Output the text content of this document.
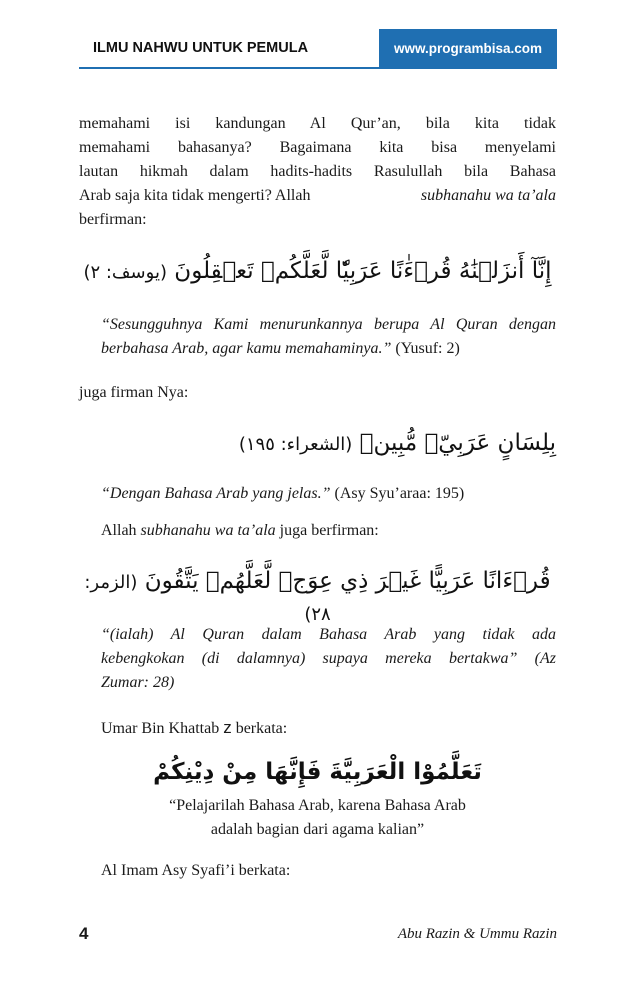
ILMU NAHWU UNTUK PEMULA	www.programbisa.com

memahami isi kandungan Al Qur’an, bila kita tidak

memahami bahasanya? Bagaimana kita bisa menyelami

lautan hikmah dalam hadits-hadits Rasulullah bila Bahasa

Arab saja kita tidak mengerti? Allah	subhanahu wa ta’ala

berfirman:

إِنَّآ أَنزَلۡنَٰهُ قُرۡءَٰنًا عَرَبِيّٗا لَّعَلَّكُمۡ تَعۡقِلُونَ (يوسف: ٢)

“Sesungguhnya Kami menurunkannya berupa Al Quran dengan

berbahasa Arab, agar kamu memahaminya.” (Yusuf: 2)

juga firman Nya:

بِلِسَانٍ عَرَبِيّٖ مُّبِينٖ (الشعراء: ١٩٥)

“Dengan Bahasa Arab yang jelas.” (Asy Syu’araa: 195)

Allah subhanahu wa ta’ala juga berfirman:

قُرۡءَانًا عَرَبِيًّا غَيۡرَ ذِي عِوَجٖ لَّعَلَّهُمۡ يَتَّقُونَ (الزمر: ٢٨)

“(ialah) Al Quran dalam Bahasa Arab yang tidak ada

kebengkokan (di dalamnya) supaya mereka bertakwa” (Az

Zumar: 28)

Umar Bin Khattab z berkata:

تَعَلَّمُوْا الْعَرَبِيَّةَ فَإِنَّهَا مِنْ دِيْنِكُمْ

“Pelajarilah Bahasa Arab, karena Bahasa Arab

adalah bagian dari agama kalian”

Al Imam Asy Syafi’i berkata:

4	Abu Razin & Ummu Razin
